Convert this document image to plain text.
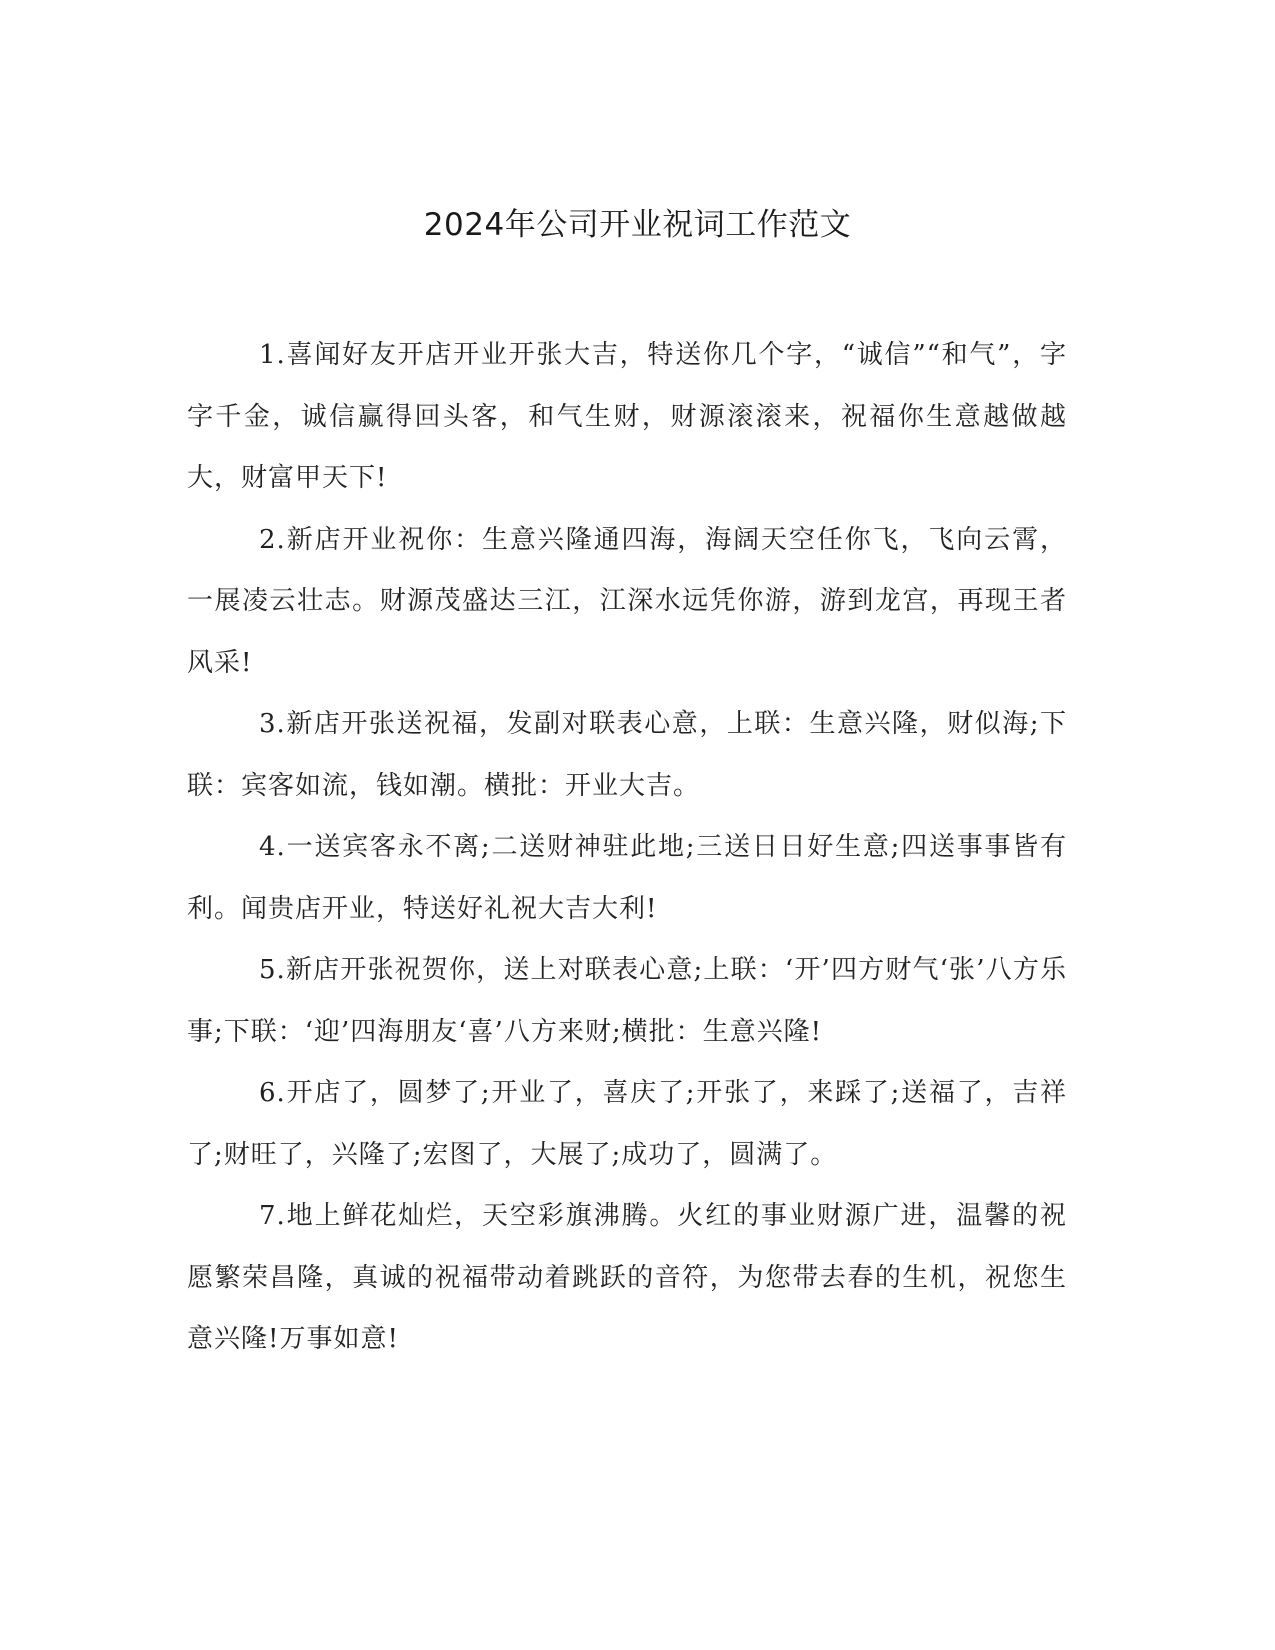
2024年公司开业祝词工作范文

1.喜闻好友开店开业开张大吉，特送你几个字，“诚信”“和气”，字字千金，诚信赢得回头客，和气生财，财源滚滚来，祝福你生意越做越大，财富甲天下!

2.新店开业祝你：生意兴隆通四海，海阔天空任你飞，飞向云霄，一展凌云壮志。财源茂盛达三江，江深水远凭你游，游到龙宫，再现王者风采!

3.新店开张送祝福，发副对联表心意，上联：生意兴隆，财似海;下联：宾客如流，钱如潮。横批：开业大吉。

4.一送宾客永不离;二送财神驻此地;三送日日好生意;四送事事皆有利。闻贵店开业，特送好礼祝大吉大利!

5.新店开张祝贺你，送上对联表心意;上联：‘开’四方财气‘张’八方乐事;下联：‘迎’四海朋友‘喜’八方来财;横批：生意兴隆!

6.开店了，圆梦了;开业了，喜庆了;开张了，来踩了;送福了，吉祥了;财旺了，兴隆了;宏图了，大展了;成功了，圆满了。

7.地上鲜花灿烂，天空彩旗沸腾。火红的事业财源广进，温馨的祝愿繁荣昌隆，真诚的祝福带动着跳跃的音符，为您带去春的生机，祝您生意兴隆!万事如意!
